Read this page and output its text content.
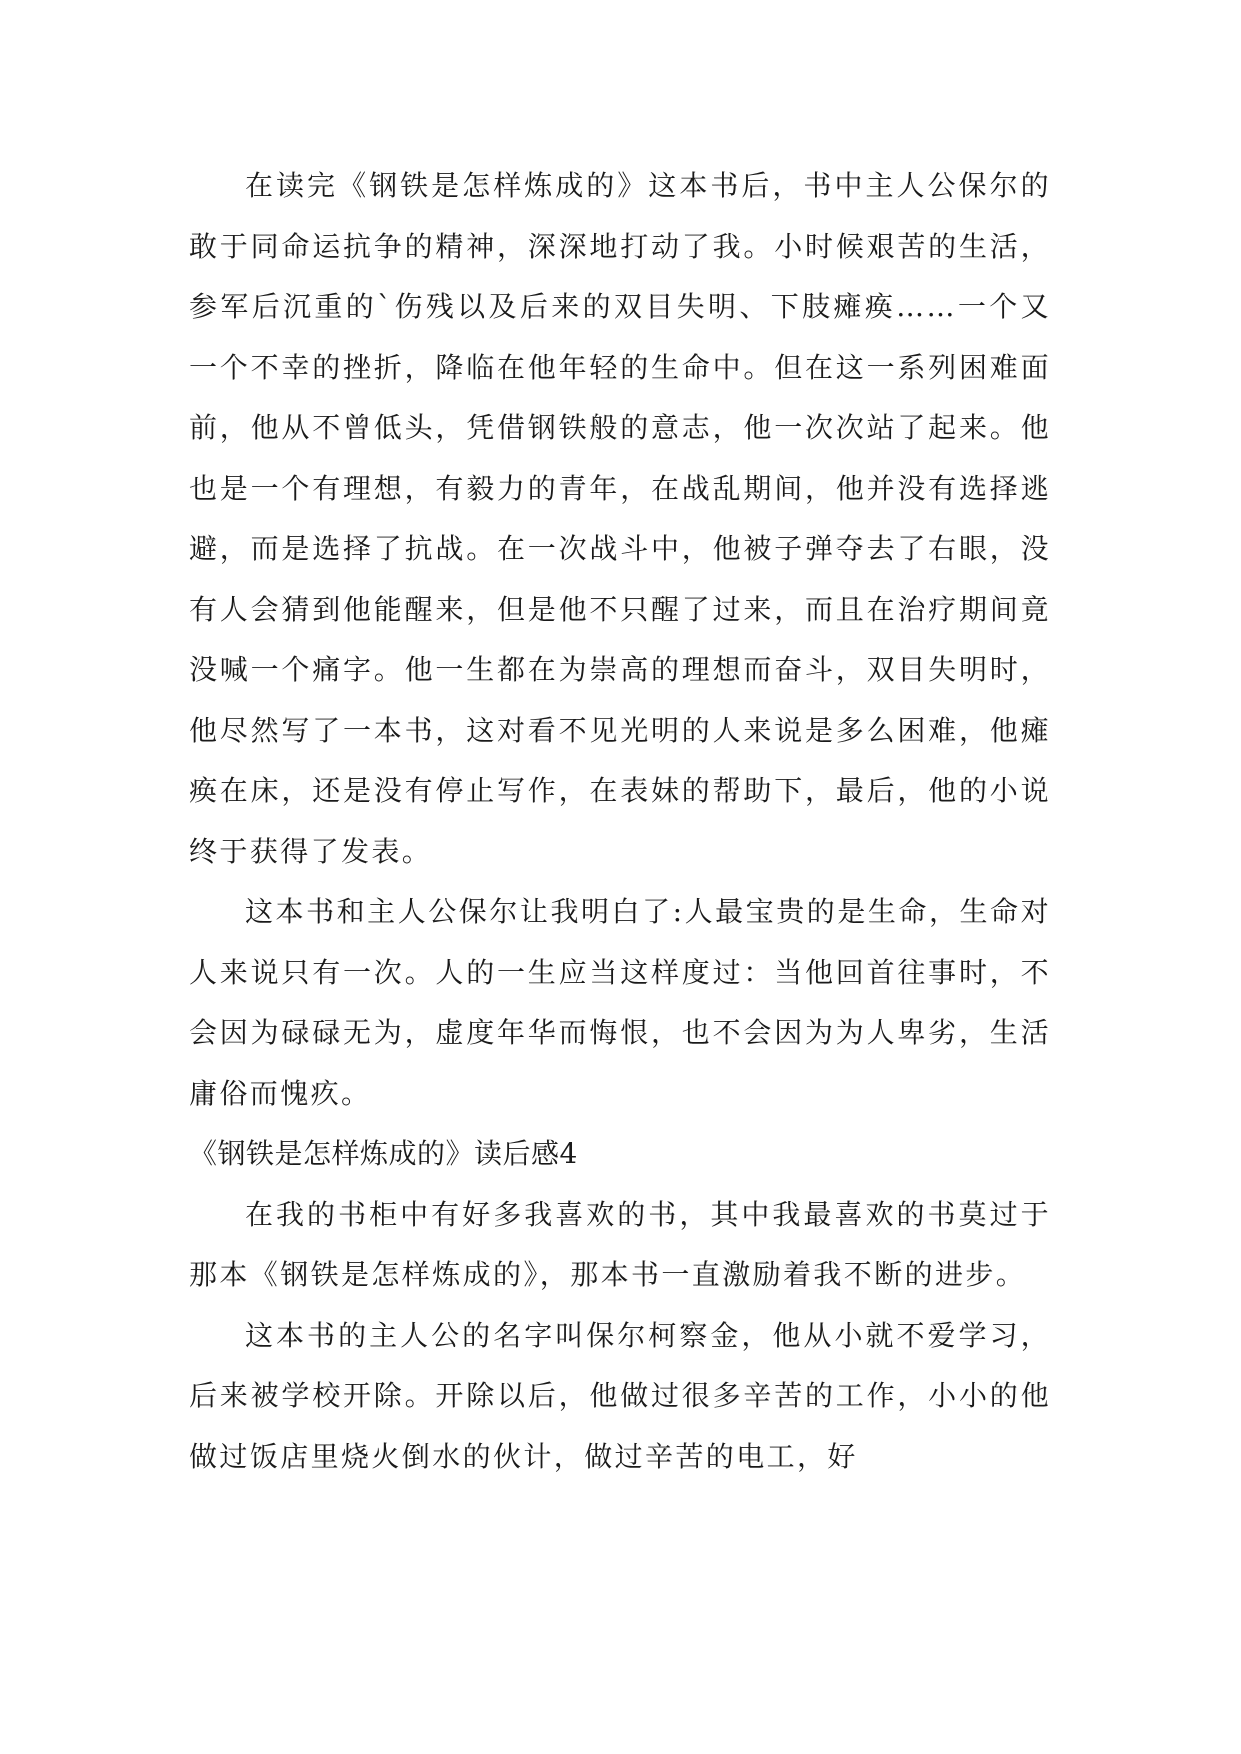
在读完《钢铁是怎样炼成的》这本书后，书中主人公保尔的敢于同命运抗争的精神，深深地打动了我。小时候艰苦的生活，参军后沉重的`伤残以及后来的双目失明、下肢瘫痪……一个又一个不幸的挫折，降临在他年轻的生命中。但在这一系列困难面前，他从不曾低头，凭借钢铁般的意志，他一次次站了起来。他也是一个有理想，有毅力的青年，在战乱期间，他并没有选择逃避，而是选择了抗战。在一次战斗中，他被子弹夺去了右眼，没有人会猜到他能醒来，但是他不只醒了过来，而且在治疗期间竟没喊一个痛字。他一生都在为崇高的理想而奋斗，双目失明时，他尽然写了一本书，这对看不见光明的人来说是多么困难，他瘫痪在床，还是没有停止写作，在表妹的帮助下，最后，他的小说终于获得了发表。

这本书和主人公保尔让我明白了:人最宝贵的是生命，生命对人来说只有一次。人的一生应当这样度过：当他回首往事时，不会因为碌碌无为，虚度年华而悔恨，也不会因为为人卑劣，生活庸俗而愧疚。

《钢铁是怎样炼成的》读后感4

在我的书柜中有好多我喜欢的书，其中我最喜欢的书莫过于那本《钢铁是怎样炼成的》，那本书一直激励着我不断的进步。

这本书的主人公的名字叫保尔柯察金，他从小就不爱学习，后来被学校开除。开除以后，他做过很多辛苦的工作，小小的他做过饭店里烧火倒水的伙计，做过辛苦的电工，好
